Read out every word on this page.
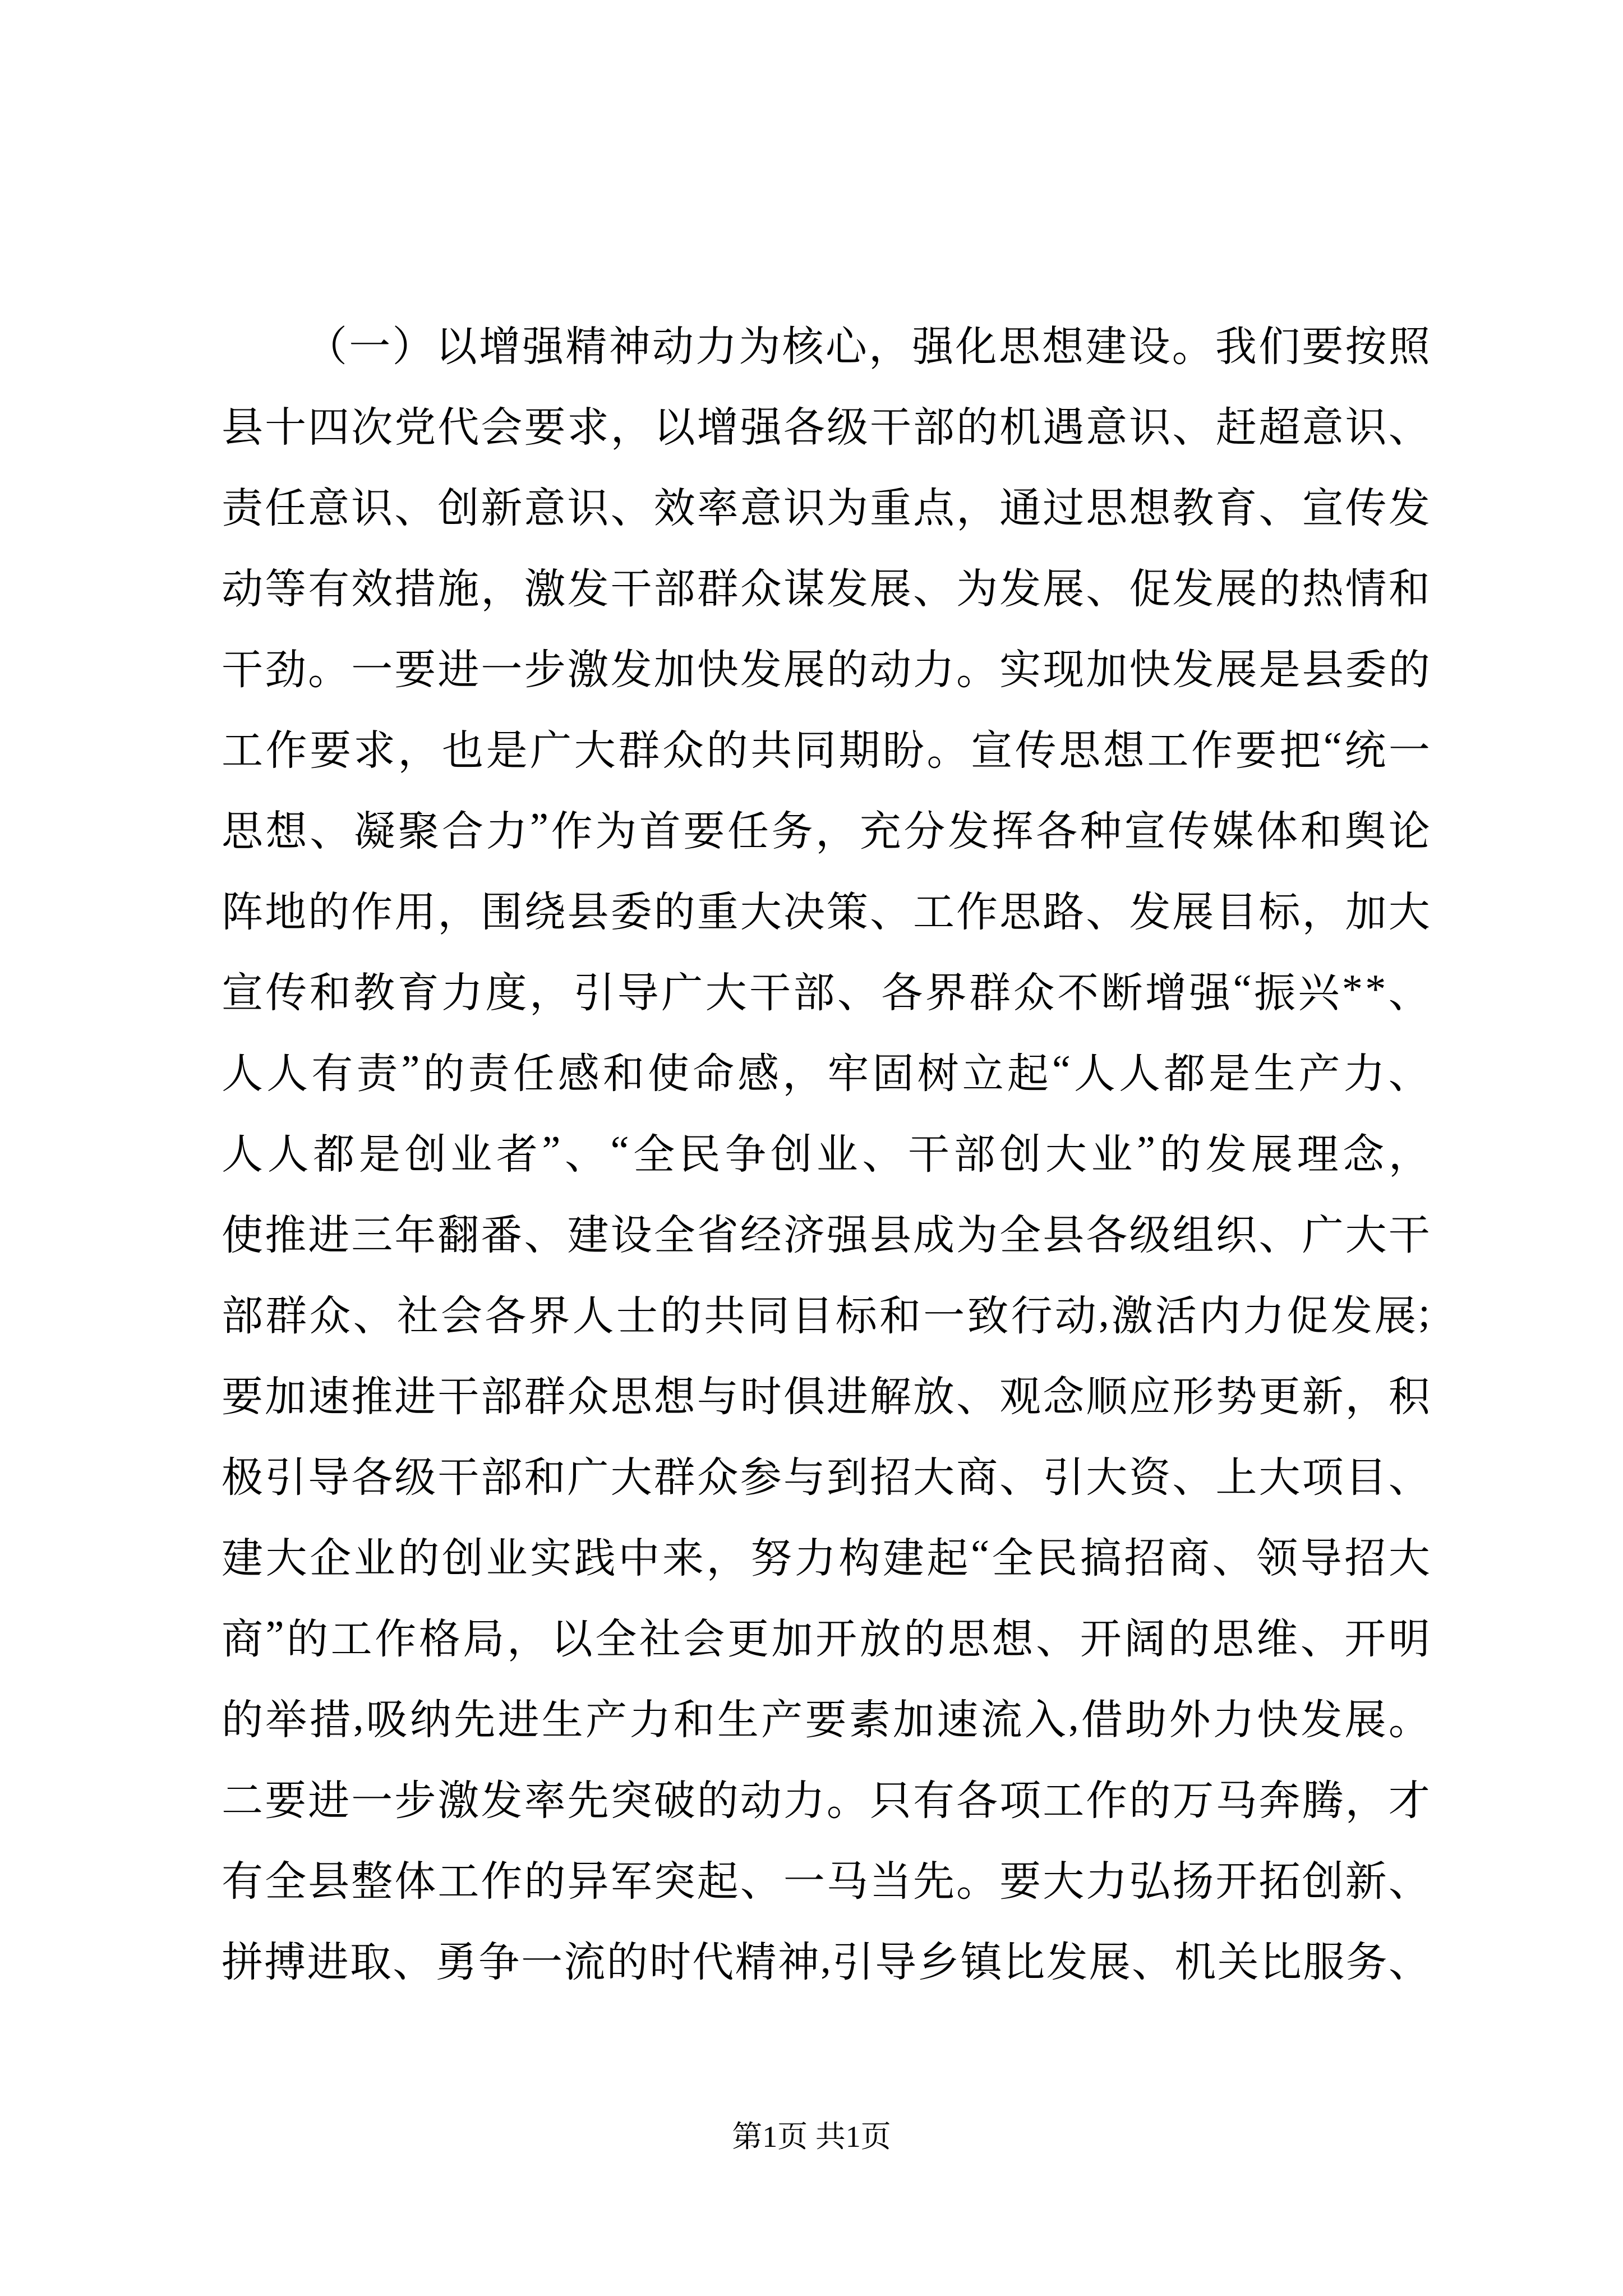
（ 一 ） 以 增 强 精 神 动 力 为 核 心 ， 强 化 思 想 建 设 。 我 们 要 按 照
县 十 四 次 党 代 会 要 求 ， 以 增 强 各 级 干 部 的 机 遇 意 识 、 赶 超 意 识 、
责 任 意 识 、 创 新 意 识 、 效 率 意 识 为 重 点 ， 通 过 思 想 教 育 、 宣 传 发
动 等 有 效 措 施 ， 激 发 干 部 群 众 谋 发 展 、 为 发 展 、 促 发 展 的 热 情 和
干 劲 。 一 要 进 一 步 激 发 加 快 发 展 的 动 力 。 实 现 加 快 发 展 是 县 委 的
工 作 要 求 ， 也 是 广 大 群 众 的 共 同 期 盼 。 宣 传 思 想 工 作 要 把 “ 统 一
思 想 、 凝 聚 合 力 ” 作 为 首 要 任 务 ， 充 分 发 挥 各 种 宣 传 媒 体 和 舆 论
阵 地 的 作 用 ， 围 绕 县 委 的 重 大 决 策 、 工 作 思 路 、 发 展 目 标 ， 加 大
宣 传 和 教 育 力 度 ， 引 导 广 大 干 部 、 各 界 群 众 不 断 增 强 “ 振 兴 * * 、
人 人 有 责 ” 的 责 任 感 和 使 命 感 ， 牢 固 树 立 起 “ 人 人 都 是 生 产 力 、
人 人 都 是 创 业 者 ” 、 “ 全 民 争 创 业 、 干 部 创 大 业 ” 的 发 展 理 念 ，
使 推 进 三 年 翻 番 、 建 设 全 省 经 济 强 县 成 为 全 县 各 级 组 织 、 广 大 干
部 群 众 、 社 会 各 界 人 士 的 共 同 目 标 和 一 致 行 动 , 激 活 内 力 促 发 展 ;
要 加 速 推 进 干 部 群 众 思 想 与 时 俱 进 解 放 、 观 念 顺 应 形 势 更 新 ， 积
极 引 导 各 级 干 部 和 广 大 群 众 参 与 到 招 大 商 、 引 大 资 、 上 大 项 目 、
建 大 企 业 的 创 业 实 践 中 来 ， 努 力 构 建 起 “ 全 民 搞 招 商 、 领 导 招 大
商 ” 的 工 作 格 局 ， 以 全 社 会 更 加 开 放 的 思 想 、 开 阔 的 思 维 、 开 明
的 举 措 , 吸 纳 先 进 生 产 力 和 生 产 要 素 加 速 流 入 , 借 助 外 力 快 发 展 。
二 要 进 一 步 激 发 率 先 突 破 的 动 力 。 只 有 各 项 工 作 的 万 马 奔 腾 ， 才
有 全 县 整 体 工 作 的 异 军 突 起 、 一 马 当 先 。 要 大 力 弘 扬 开 拓 创 新 、
拼 搏 进 取 、 勇 争 一 流 的 时 代 精 神 , 引 导 乡 镇 比 发 展 、 机 关 比 服 务 、
第1页 共1页
